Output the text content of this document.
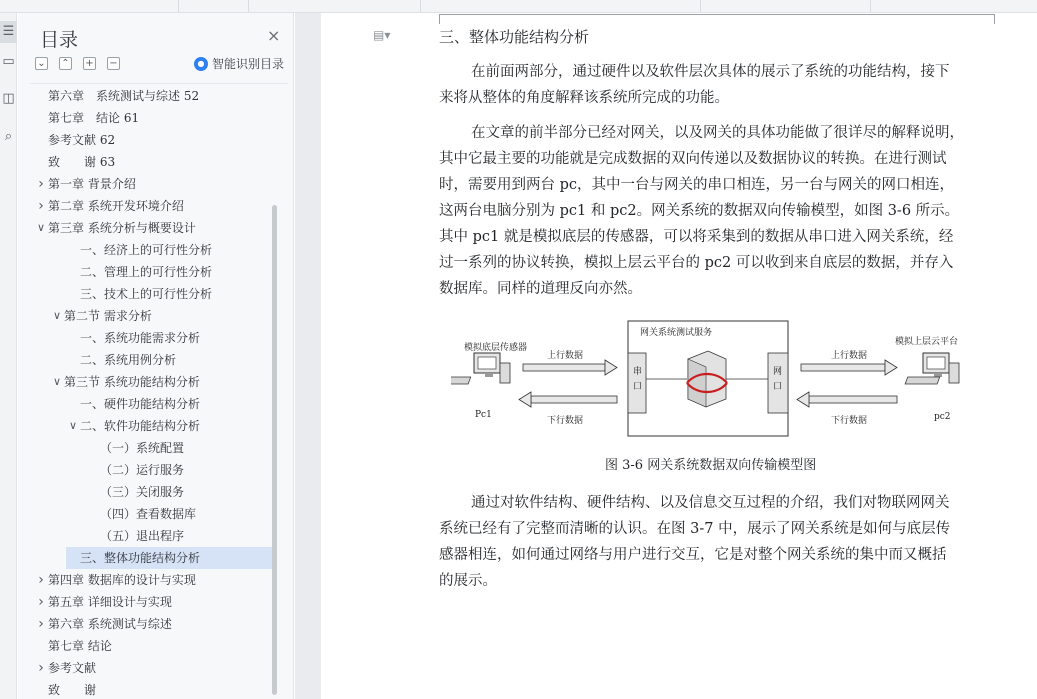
☰
▭
◫
⌕
目录	×
⌄ ⌃ + −	● 智能识别目录
第六章　系统测试与综述 52
第七章　结论 61
参考文献 62
致　　谢 63
› 第一章 背景介绍
› 第二章 系统开发环境介绍
∨ 第三章 系统分析与概要设计
一、经济上的可行性分析
二、管理上的可行性分析
三、技术上的可行性分析
∨ 第二节 需求分析
一、系统功能需求分析
二、系统用例分析
∨ 第三节 系统功能结构分析
一、硬件功能结构分析
∨ 二、软件功能结构分析
（一）系统配置
（二）运行服务
（三）关闭服务
（四）查看数据库
（五）退出程序
三、整体功能结构分析
› 第四章 数据库的设计与实现
› 第五章 详细设计与实现
› 第六章 系统测试与综述
第七章 结论
› 参考文献
致　　谢
▤▾	三、整体功能结构分析
在前面两部分，通过硬件以及软件层次具体的展示了系统的功能结构，接下
来将从整体的角度解释该系统所完成的功能。
在文章的前半部分已经对网关，以及网关的具体功能做了很详尽的解释说明，
其中它最主要的功能就是完成数据的双向传递以及数据协议的转换。在进行测试
时，需要用到两台 pc，其中一台与网关的串口相连，另一台与网关的网口相连，
这两台电脑分别为 pc1 和 pc2。网关系统的数据双向传输模型，如图 3-6 所示。
其中 pc1 就是模拟底层的传感器，可以将采集到的数据从串口进入网关系统，经
过一系列的协议转换，模拟上层云平台的 pc2 可以收到来自底层的数据，并存入
数据库。同样的道理反向亦然。
模拟底层传感器
Pc1
上行数据
下行数据
网关系统测试服务
串
口
网
口
上行数据
下行数据
模拟上层云平台
pc2
图 3-6 网关系统数据双向传输模型图
通过对软件结构、硬件结构、以及信息交互过程的介绍，我们对物联网网关
系统已经有了完整而清晰的认识。在图 3-7 中，展示了网关系统是如何与底层传
感器相连，如何通过网络与用户进行交互，它是对整个网关系统的集中而又概括
的展示。
